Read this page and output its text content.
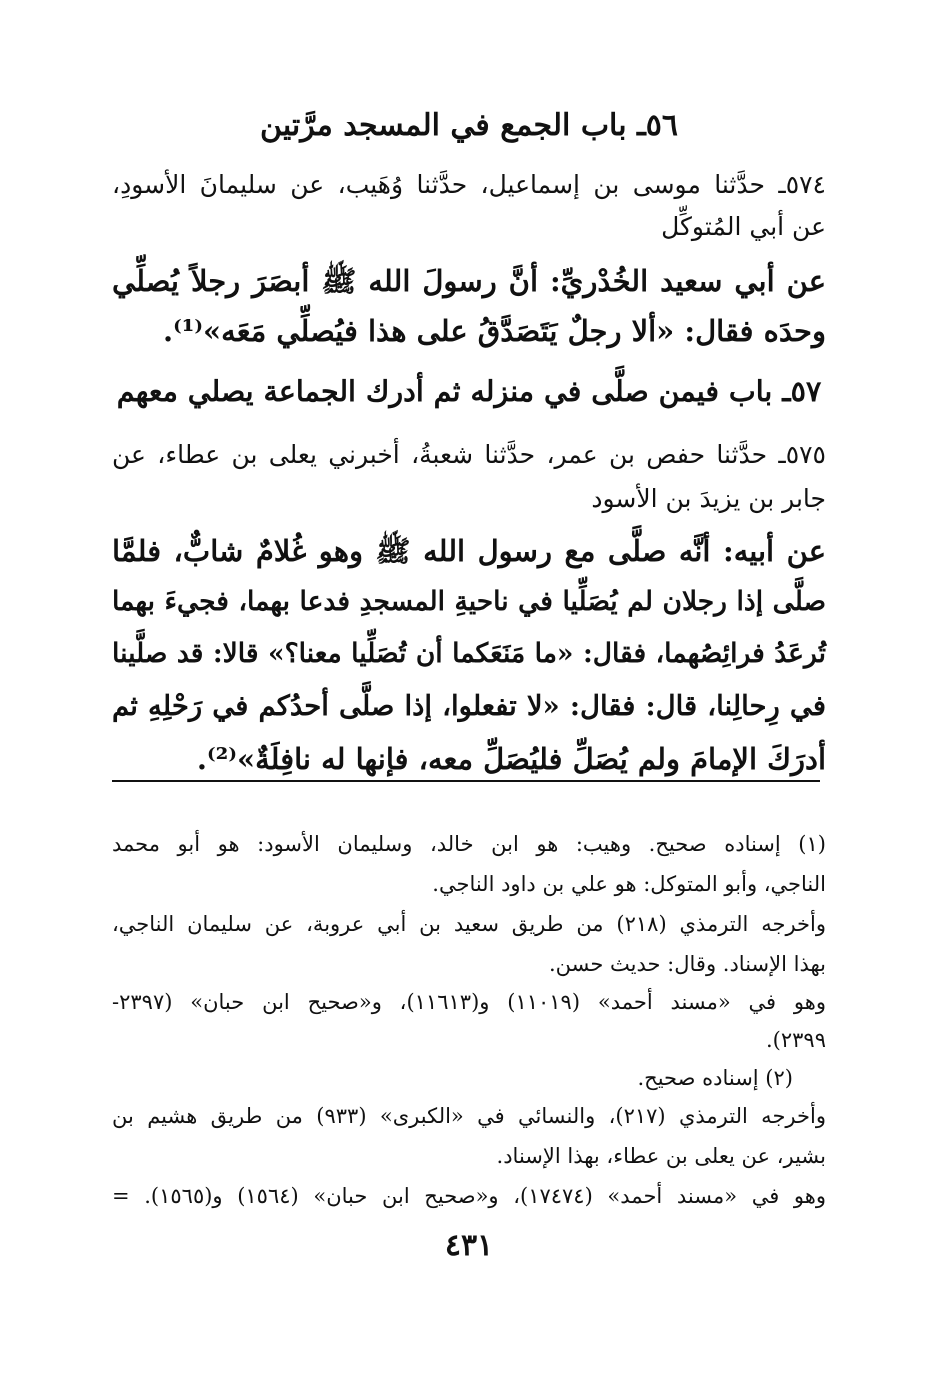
٥٦ـ باب الجمع في المسجد مرَّتين
٥٧٤ـ حدَّثنا موسى بن إسماعيل، حدَّثنا وُهَيب، عن سليمانَ الأسودِ،
عن أبي المُتوكِّل
عن أبي سعيد الخُدْريِّ: أنَّ رسولَ الله ﷺ أبصَرَ رجلاً يُصلِّي
وحدَه فقال: «ألا رجلٌ يَتَصَدَّقُ على هذا فيُصلِّي مَعَه»⁽¹⁾.
٥٧ـ باب فيمن صلَّى في منزله ثم أدرك الجماعة يصلي معهم
٥٧٥ـ حدَّثنا حفص بن عمر، حدَّثنا شعبةُ، أخبرني يعلى بن عطاء، عن
جابر بن يزيدَ بن الأسود
عن أبيه: أنَّه صلَّى مع رسول الله ﷺ وهو غُلامٌ شابٌّ، فلمَّا
صلَّى إذا رجلان لم يُصَلِّيا في ناحيةِ المسجدِ فدعا بهما، فجيءَ بهما
تُرعَدُ فرائِصُهما، فقال: «ما مَنَعَكما أن تُصَلِّيا معنا؟» قالا: قد صلَّينا
في رِحالِنا، قال: فقال: «لا تفعلوا، إذا صلَّى أحدُكم في رَحْلِهِ ثم
أدرَكَ الإمامَ ولم يُصَلِّ فليُصَلِّ معه، فإنها له نافِلَةٌ»⁽²⁾.
(١) إسناده صحيح. وهيب: هو ابن خالد، وسليمان الأسود: هو أبو محمد
الناجي، وأبو المتوكل: هو علي بن داود الناجي.
وأخرجه الترمذي (٢١٨) من طريق سعيد بن أبي عروبة، عن سليمان الناجي،
بهذا الإسناد. وقال: حديث حسن.
وهو في «مسند أحمد» (١١٠١٩) و(١١٦١٣)، و«صحيح ابن حبان» (٢٣٩٧-
٢٣٩٩).
(٢) إسناده صحيح.
وأخرجه الترمذي (٢١٧)، والنسائي في «الكبرى» (٩٣٣) من طريق هشيم بن
بشير، عن يعلى بن عطاء، بهذا الإسناد.
وهو في «مسند أحمد» (١٧٤٧٤)، و«صحيح ابن حبان» (١٥٦٤) و(١٥٦٥). =
٤٣١
